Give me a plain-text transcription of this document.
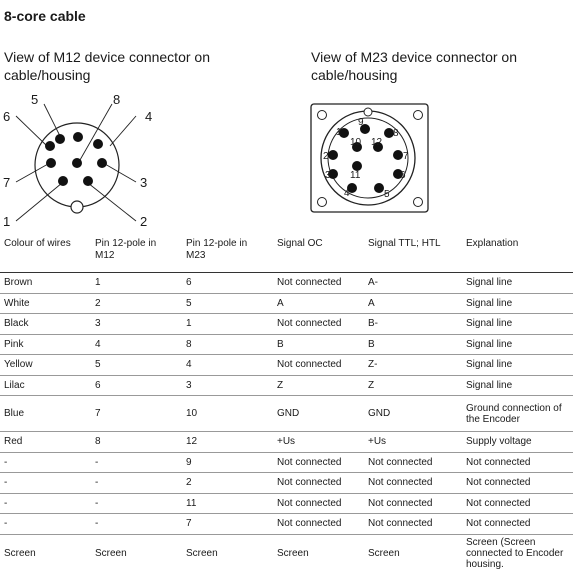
8-core cable
View of M12 device connector on cable/housing
View of M23 device connector on cable/housing
5	8
6	4
7	3
1	2
9
1	8
10 12
2	7
11
3	6
4	5
Colour of wires	Pin 12-pole in M12	Pin 12-pole in M23	Signal OC	Signal TTL; HTL	Explanation
Brown	1	6	Not connected	A-	Signal line
White	2	5	A	A	Signal line
Black	3	1	Not connected	B-	Signal line
Pink	4	8	B	B	Signal line
Yellow	5	4	Not connected	Z-	Signal line
Lilac	6	3	Z	Z	Signal line
Blue	7	10	GND	GND	Ground connection of the Encoder
Red	8	12	+Us	+Us	Supply voltage
-	-	9	Not connected	Not connected	Not connected
-	-	2	Not connected	Not connected	Not connected
-	-	11	Not connected	Not connected	Not connected
-	-	7	Not connected	Not connected	Not connected
Screen	Screen	Screen	Screen	Screen	Screen (Screen connected to Encoder housing.
